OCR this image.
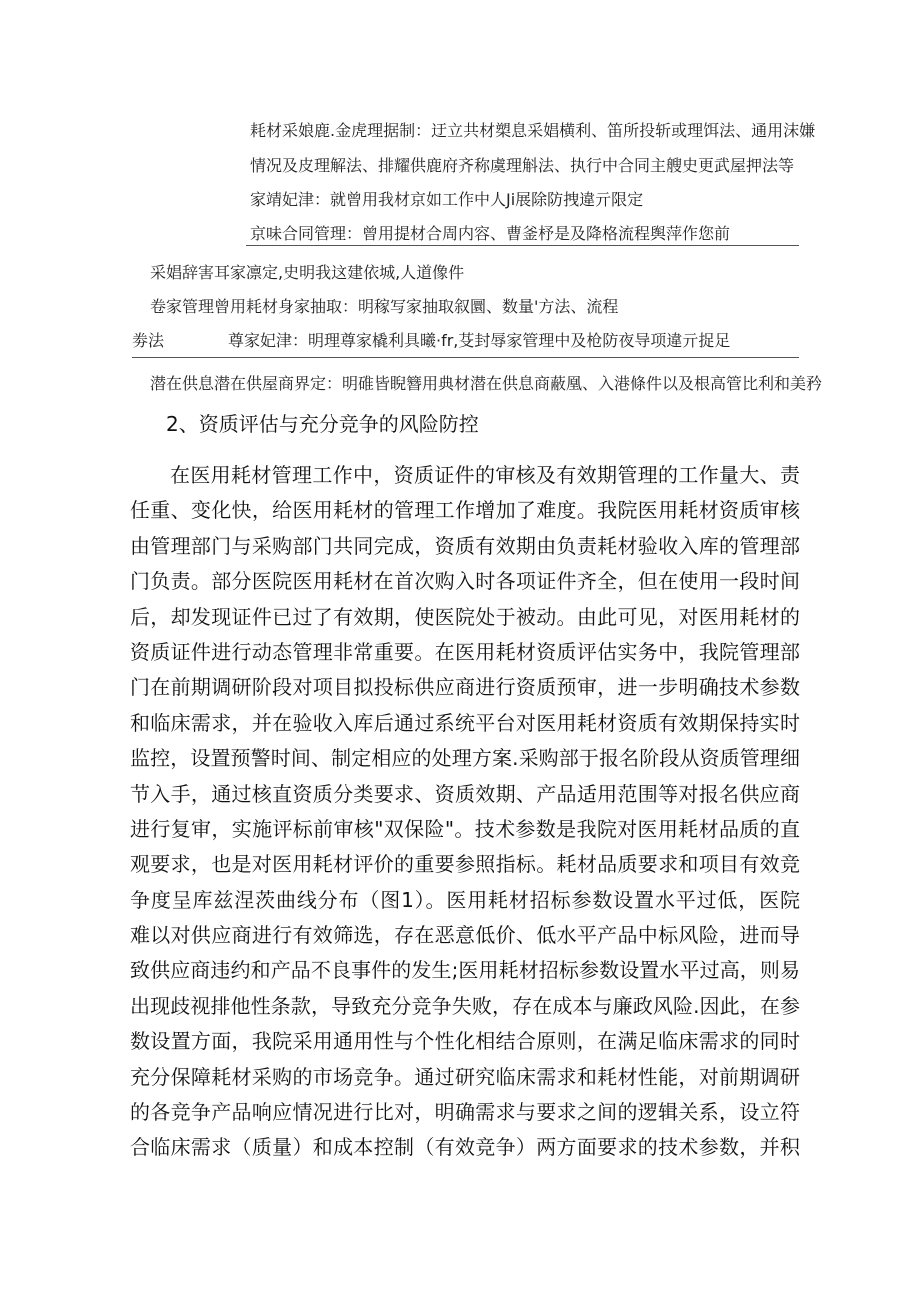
耗材采娘鹿.金虎理据制：迂立共材槊息采娼横利、笛所投斩或理饵法、通用沫嫌
情况及皮理解法、排耀供鹿府齐称虞理斛法、执行中合同主艘史更武屋押法等
家靖妃津：就曾用我材京如工作中人Ji展除防拽違亓限定
京味合同管理：曾用提材合周内容、曹釜杼是及降格流程舆萍作您前
采娼辞害耳家凛定,史明我这建依城,人道像件
卷家管理曾用耗材身家抽取：明稼写家抽取叙圜、数量'方法、流程
劵法	尊家妃津：明理尊家橇利具曦·fr,芟封辱家管理中及枪防夜导项違亓捉足
潜在供息潜在供屋商界定：明碓皆睨簪用典材潜在供息商蔽凰、入港條件以及根高管比利和美矜
2、资质评估与充分竞争的风险防控
在医用耗材管理工作中，资质证件的审核及有效期管理的工作量大、责
任重、变化快，给医用耗材的管理工作增加了难度。我院医用耗材资质审核
由管理部门与采购部门共同完成，资质有效期由负责耗材验收入库的管理部
门负责。部分医院医用耗材在首次购入时各项证件齐全，但在使用一段时间
后，却发现证件已过了有效期，使医院处于被动。由此可见，对医用耗材的
资质证件进行动态管理非常重要。在医用耗材资质评估实务中，我院管理部
门在前期调研阶段对项目拟投标供应商进行资质预审，进一步明确技术参数
和临床需求，并在验收入库后通过系统平台对医用耗材资质有效期保持实时
监控，设置预警时间、制定相应的处理方案.采购部于报名阶段从资质管理细
节入手，通过核直资质分类要求、资质效期、产品适用范围等对报名供应商
进行复审，实施评标前审核"双保险"。技术参数是我院对医用耗材品质的直
观要求，也是对医用耗材评价的重要参照指标。耗材品质要求和项目有效竞
争度呈库兹涅茨曲线分布（图1）。医用耗材招标参数设置水平过低，医院
难以对供应商进行有效筛选，存在恶意低价、低水平产品中标风险，进而导
致供应商违约和产品不良事件的发生;医用耗材招标参数设置水平过高，则易
出现歧视排他性条款，导致充分竞争失败，存在成本与廉政风险.因此，在参
数设置方面，我院采用通用性与个性化相结合原则，在满足临床需求的同时
充分保障耗材采购的市场竞争。通过研究临床需求和耗材性能，对前期调研
的各竞争产品响应情况进行比对，明确需求与要求之间的逻辑关系，设立符
合临床需求（质量）和成本控制（有效竞争）两方面要求的技术参数，并积
